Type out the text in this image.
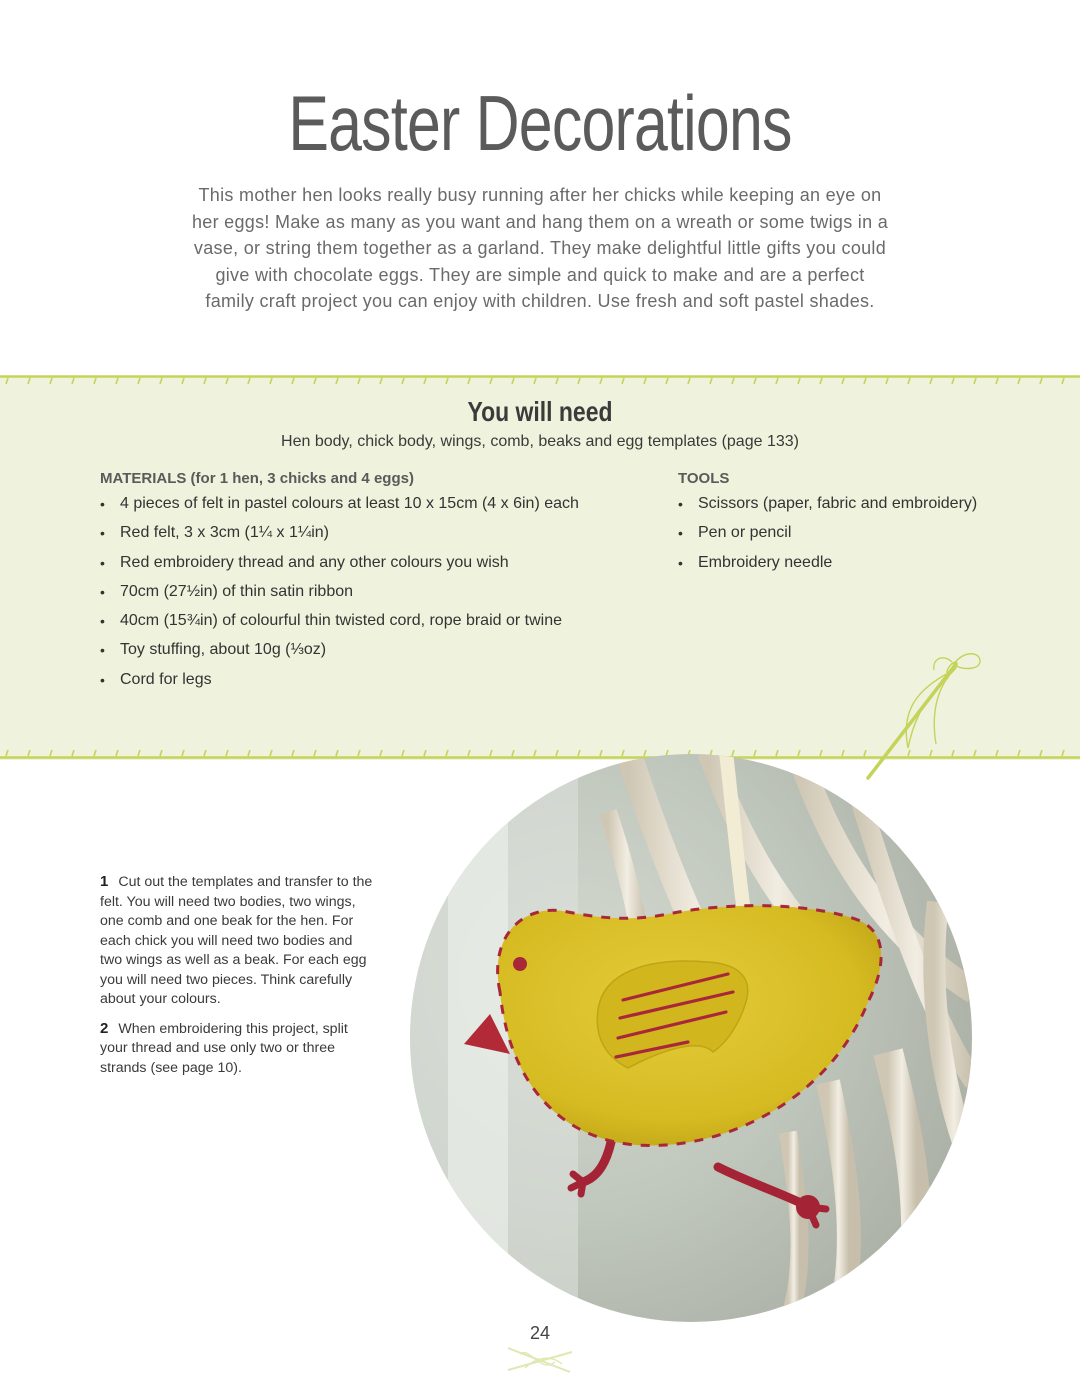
Easter Decorations

This mother hen looks really busy running after her chicks while keeping an eye on her eggs! Make as many as you want and hang them on a wreath or some twigs in a vase, or string them together as a garland. They make delightful little gifts you could give with chocolate eggs. They are simple and quick to make and are a perfect family craft project you can enjoy with children. Use fresh and soft pastel shades.

You will need

Hen body, chick body, wings, comb, beaks and egg templates (page 133)

MATERIALS (for 1 hen, 3 chicks and 4 eggs)

• 4 pieces of felt in pastel colours at least 10 x 15cm (4 x 6in) each
• Red felt, 3 x 3cm (1¼ x 1¼in)
• Red embroidery thread and any other colours you wish
• 70cm (27½in) of thin satin ribbon
• 40cm (15¾in) of colourful thin twisted cord, rope braid or twine
• Toy stuffing, about 10g (⅓oz)
• Cord for legs

TOOLS

• Scissors (paper, fabric and embroidery)
• Pen or pencil
• Embroidery needle

1 Cut out the templates and transfer to the felt. You will need two bodies, two wings, one comb and one beak for the hen. For each chick you will need two bodies and two wings as well as a beak. For each egg you will need two pieces. Think carefully about your colours.

2 When embroidering this project, split your thread and use only two or three strands (see page 10).

24
